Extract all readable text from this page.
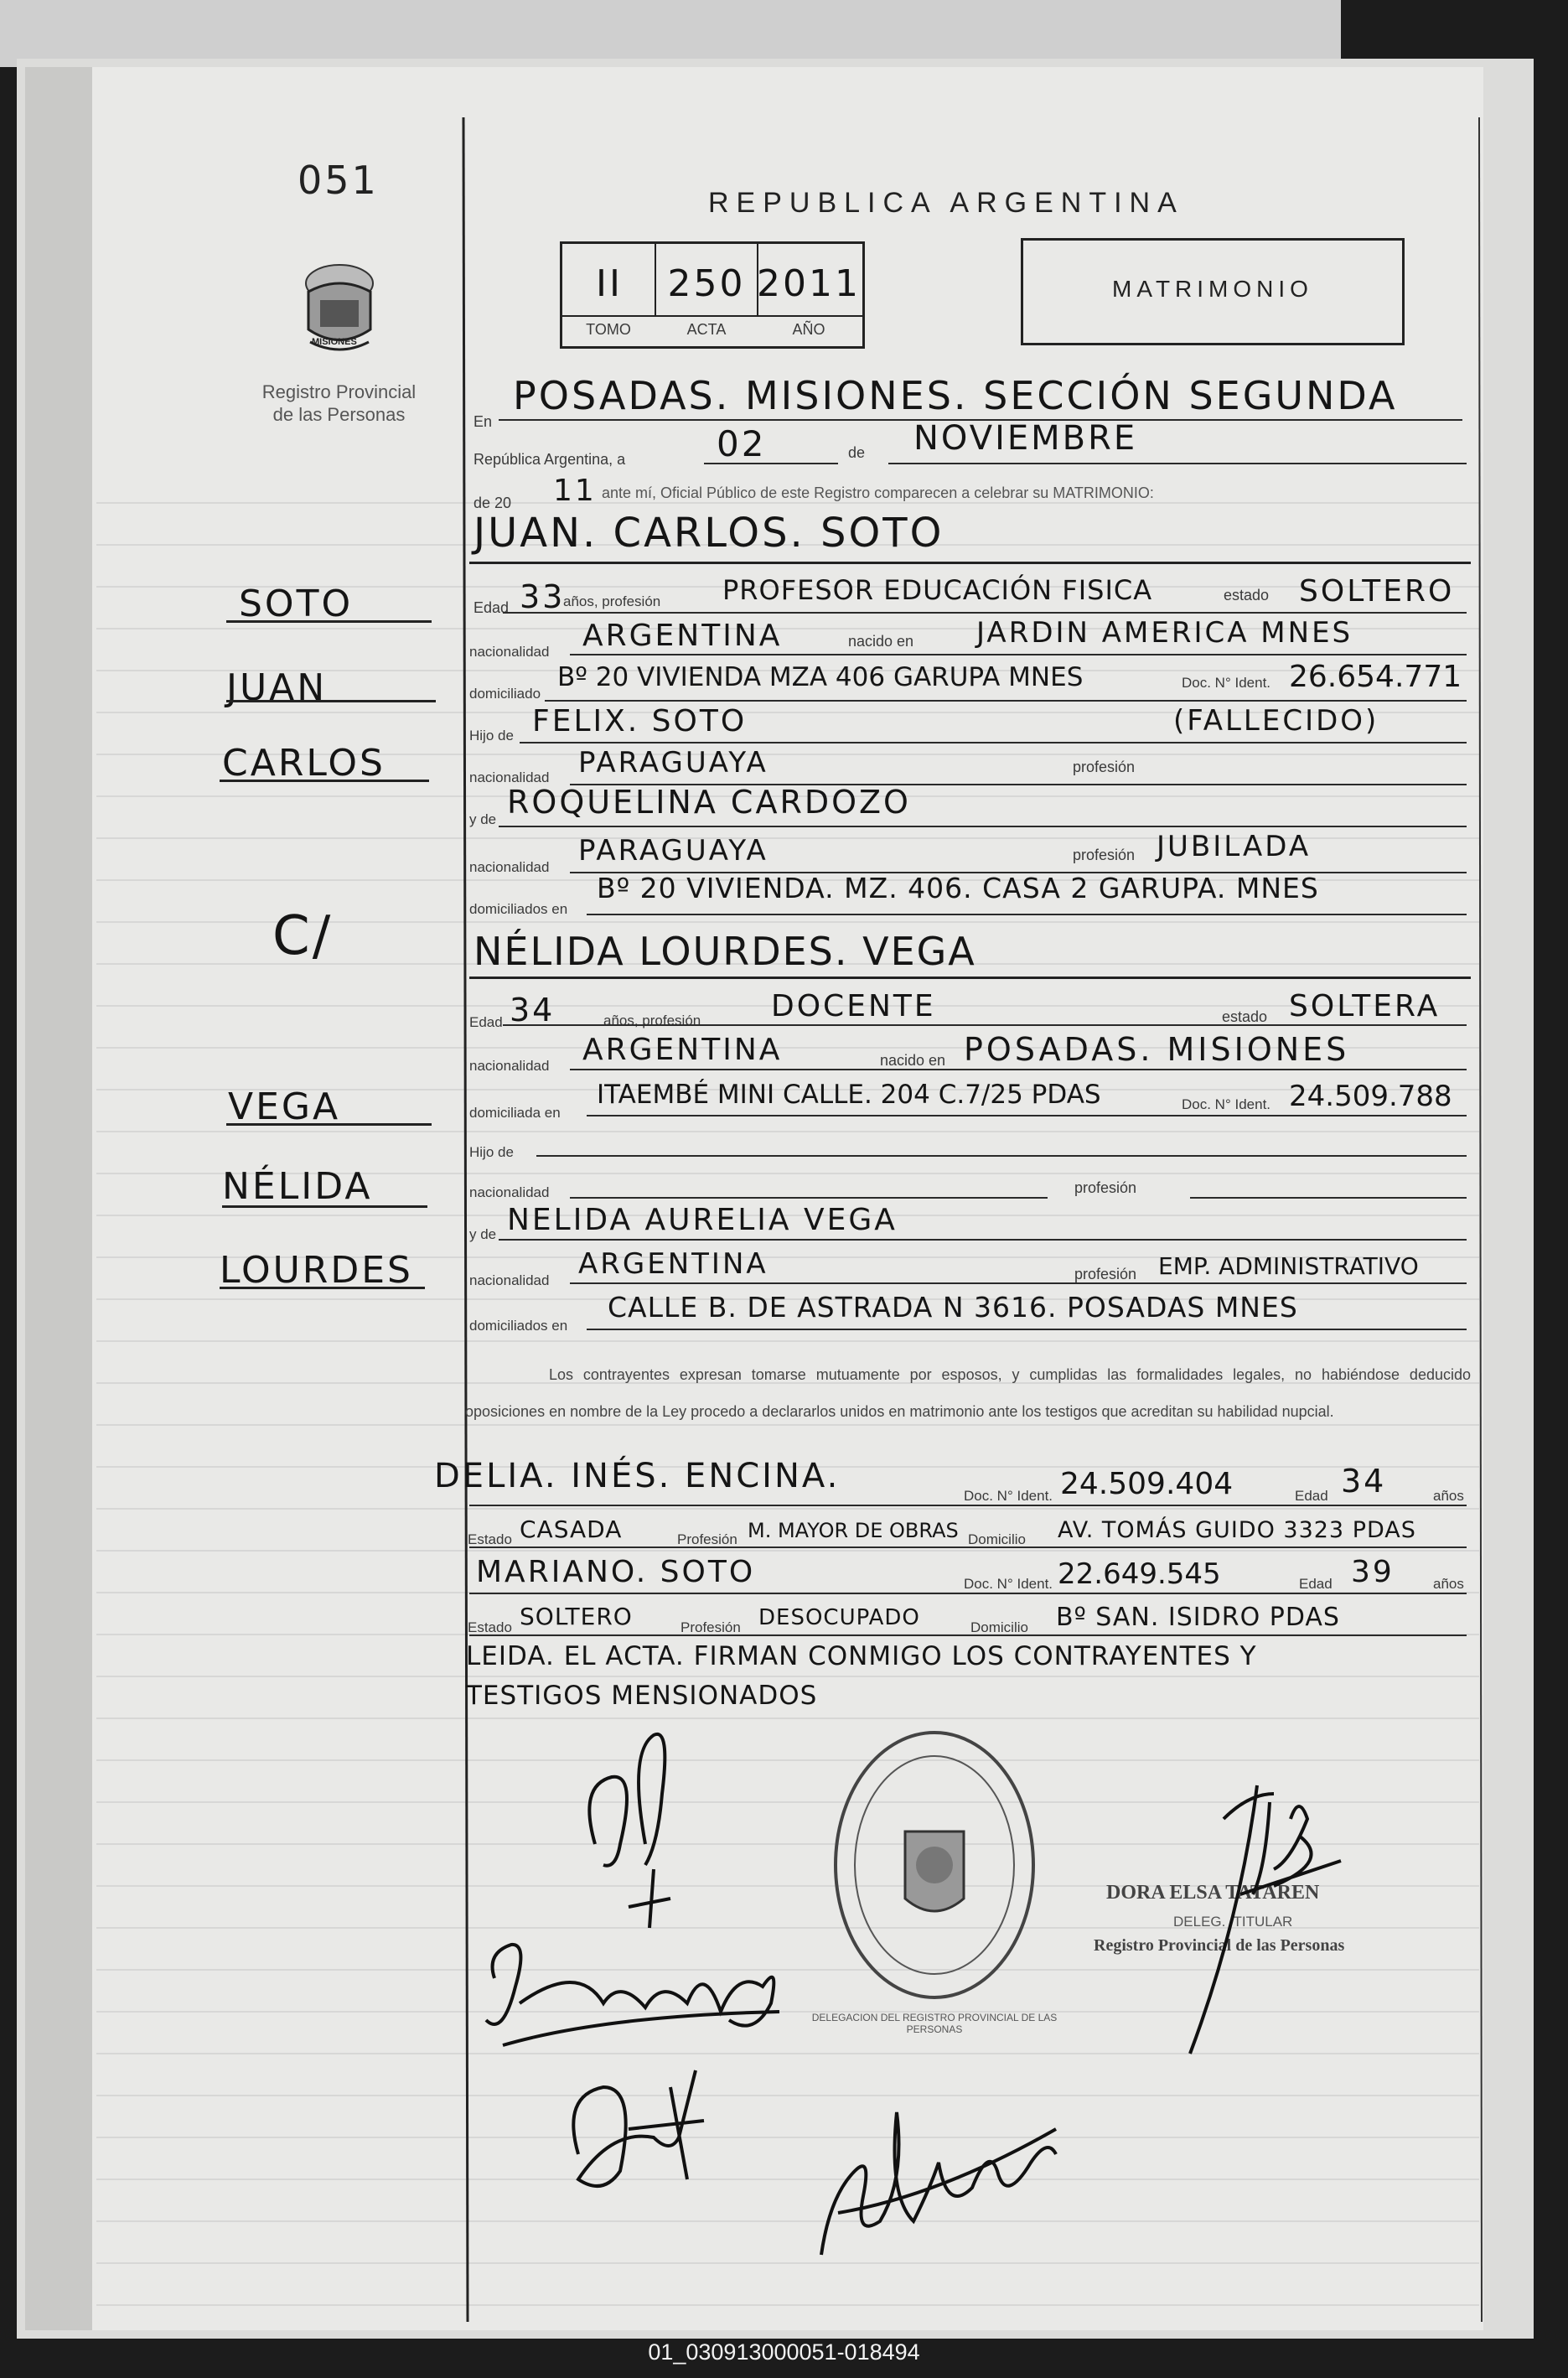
051
MISIONES
Registro Provincial
de las Personas
REPUBLICA ARGENTINA
II	250 2011
TOMO	ACTA	AÑO
MATRIMONIO
En
POSADAS. MISIONES. SECCIÓN SEGUNDA
República Argentina, a	02	de NOVIEMBRE
de 20 11 ante mí, Oficial Público de este Registro comparecen a celebrar su MATRIMONIO:
SOTO
JUAN
CARLOS
C/
VEGA
NÉLIDA
LOURDES
JUAN. CARLOS. SOTO
Edad 33
años, profesión PROFESOR EDUCACIÓN FISICA	estado SOLTERO
nacionalidad ARGENTINA	nacido en JARDIN AMERICA MNES
domiciliado
Bº 20 VIVIENDA MZA 406 GARUPA MNES	Doc. N° Ident. 26.654.771
Hijo de FELIX. SOTO	(FALLECIDO)
nacionalidad PARAGUAYA	profesión
y de ROQUELINA CARDOZO
nacionalidad PARAGUAYA	profesión JUBILADA
domiciliados en
Bº 20 VIVIENDA. MZ. 406. CASA 2 GARUPA. MNES
NÉLIDA LOURDES. VEGA
Edad 34	años, profesión DOCENTE	estado SOLTERA
nacionalidad ARGENTINA	nacido en POSADAS. MISIONES
domiciliada en
ITAEMBÉ MINI CALLE. 204 C.7/25 PDAS	Doc. N° Ident. 24.509.788
Hijo de
nacionalidad	profesión
y de NELIDA AURELIA VEGA
nacionalidad ARGENTINA	profesión EMP. ADMINISTRATIVO
domiciliados en
CALLE B. DE ASTRADA N 3616. POSADAS MNES
Los contrayentes expresan tomarse mutuamente por esposos, y cumplidas las formalidades legales, no habiéndose deducido oposiciones en nombre de la Ley procedo a declararlos unidos en matrimonio ante los testigos que acreditan su habilidad nupcial.
DELIA. INÉS. ENCINA.
Doc. N° Ident. 24.509.404	Edad 34	años
Estado CASADA	Profesión M. MAYOR DE OBRAS Domicilio AV. TOMÁS GUIDO 3323 PDAS
MARIANO. SOTO	Doc. N° Ident. 22.649.545	Edad 39	años
Estado SOLTERO	Profesión DESOCUPADO	Domicilio Bº SAN. ISIDRO PDAS
LEIDA. EL ACTA. FIRMAN CONMIGO LOS CONTRAYENTES Y
TESTIGOS MENSIONADOS
DELEGACION DEL REGISTRO PROVINCIAL DE LAS PERSONAS
DORA ELSA TATAREN
DELEG.  TITULAR
Registro Provincial de las Personas
01_030913000051-018494
